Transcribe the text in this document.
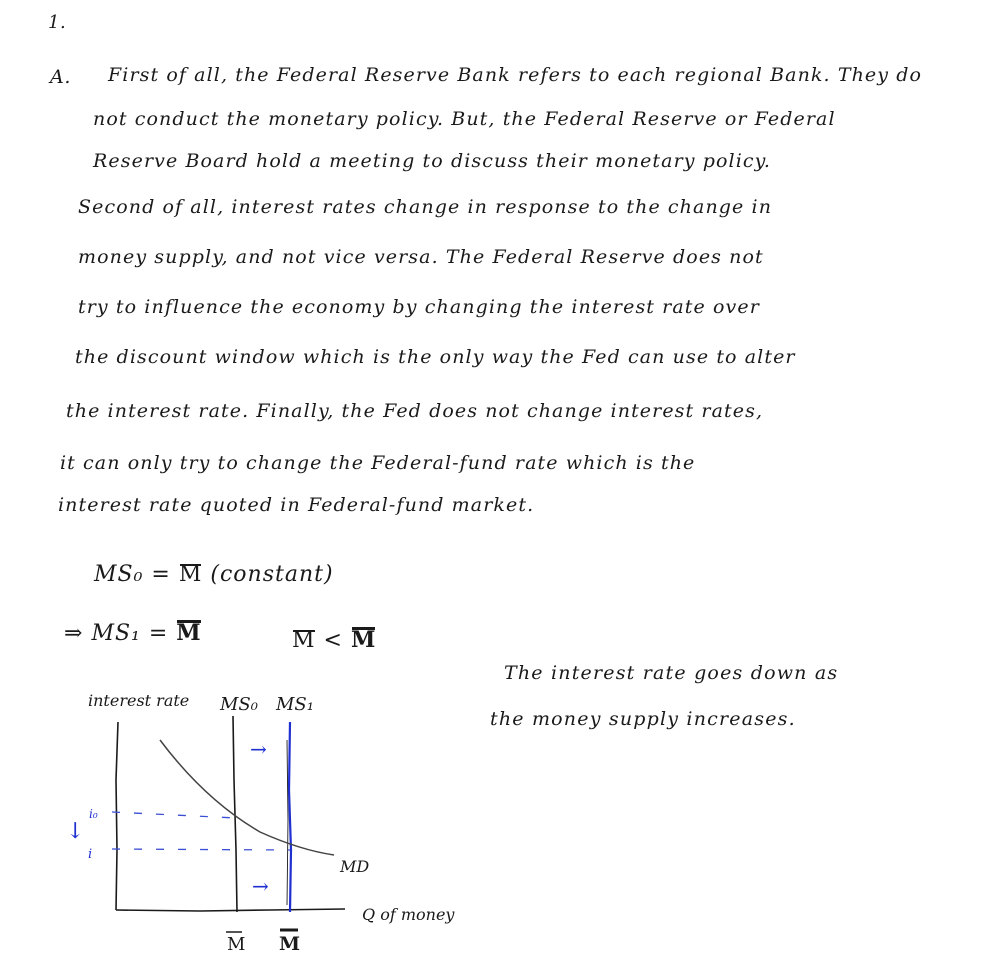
1.
A. First of all, the Federal Reserve Bank refers to each regional Bank. They do
not conduct the monetary policy. But, the Federal Reserve or Federal
Reserve Board hold a meeting to discuss their monetary policy.
Second of all, interest rates change in response to the change in
money supply, and not vice versa. The Federal Reserve does not
try to influence the economy by changing the interest rate over
the discount window which is the only way the Fed can use to alter
the interest rate. Finally, the Fed does not change interest rates,
it can only try to change the Federal-fund rate which is the
interest rate quoted in Federal-fund market.
MS₀ = M (constant)
⇒ MS₁ = M	M < M
The interest rate goes down as
the money supply increases.
interest rate
Q of money
MS₀ MS₁
→
→
MD
i₀
i
↓
M M
